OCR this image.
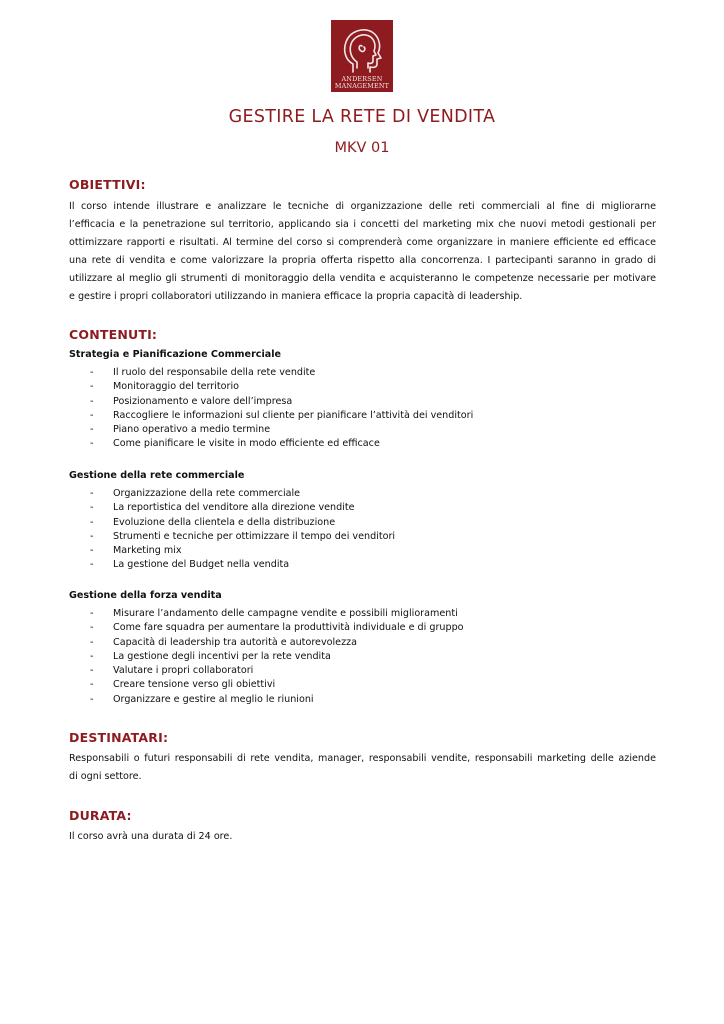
ANDERSEN
MANAGEMENT
GESTIRE LA RETE DI VENDITA
MKV 01
OBIETTIVI:

Il corso intende illustrare e analizzare le tecniche di organizzazione delle reti commerciali al fine di migliorarne
l’efficacia e la penetrazione sul territorio, applicando sia i concetti del marketing mix che nuovi metodi gestionali per
ottimizzare rapporti e risultati. Al termine del corso si comprenderà come organizzare in maniere efficiente ed efficace
una rete di vendita e come valorizzare la propria offerta rispetto alla concorrenza. I partecipanti saranno in grado di
utilizzare al meglio gli strumenti di monitoraggio della vendita e acquisteranno le competenze necessarie per motivare
e gestire i propri collaboratori utilizzando in maniera efficace la propria capacità di leadership.

CONTENUTI:
Strategia e Pianificazione Commerciale
- Il ruolo del responsabile della rete vendite
- Monitoraggio del territorio
- Posizionamento e valore dell’impresa
- Raccogliere le informazioni sul cliente per pianificare l’attività dei venditori
- Piano operativo a medio termine
- Come pianificare le visite in modo efficiente ed efficace
Gestione della rete commerciale
- Organizzazione della rete commerciale
- La reportistica del venditore alla direzione vendite
- Evoluzione della clientela e della distribuzione
- Strumenti e tecniche per ottimizzare il tempo dei venditori
- Marketing mix
- La gestione del Budget nella vendita
Gestione della forza vendita
- Misurare l’andamento delle campagne vendite e possibili miglioramenti
- Come fare squadra per aumentare la produttività individuale e di gruppo
- Capacità di leadership tra autorità e autorevolezza
- La gestione degli incentivi per la rete vendita
- Valutare i propri collaboratori
- Creare tensione verso gli obiettivi
- Organizzare e gestire al meglio le riunioni
DESTINATARI:

Responsabili o futuri responsabili di rete vendita, manager, responsabili vendite, responsabili marketing delle aziende
di ogni settore.

DURATA:

Il corso avrà una durata di 24 ore.
